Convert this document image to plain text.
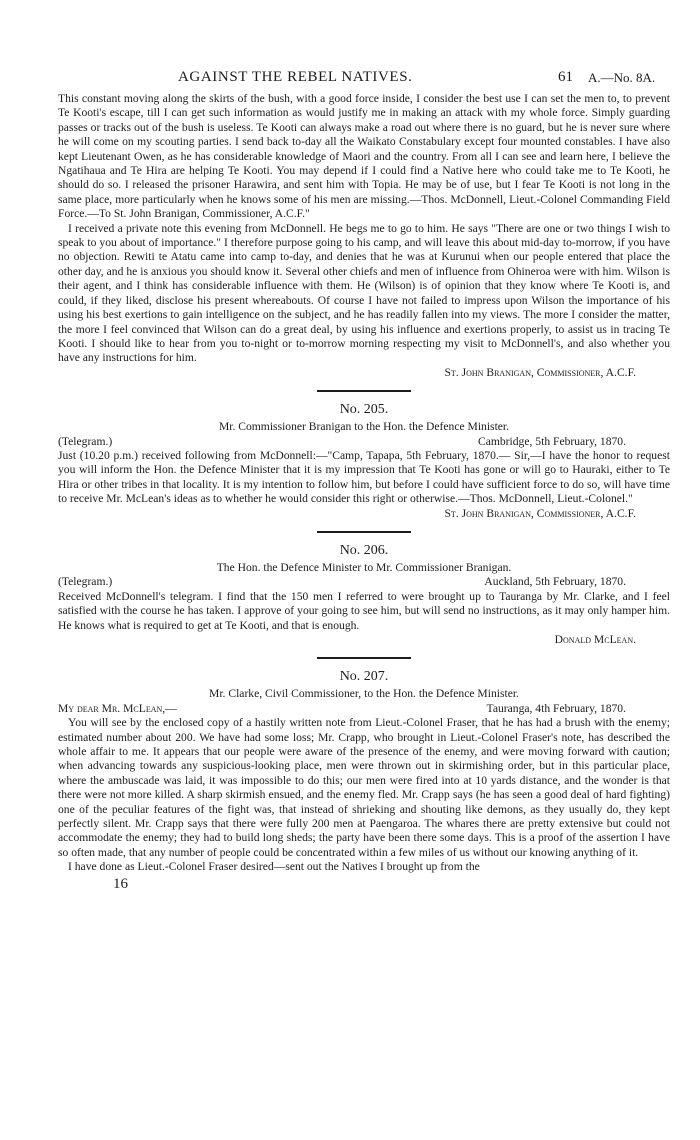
AGAINST THE REBEL NATIVES.	61 A.—No. 8A.

This constant moving along the skirts of the bush, with a good force inside, I consider the best use I can set the men to, to prevent Te Kooti's escape, till I can get such information as would justify me in making an attack with my whole force. Simply guarding passes or tracks out of the bush is useless. Te Kooti can always make a road out where there is no guard, but he is never sure where he will come on my scouting parties. I send back to-day all the Waikato Constabulary except four mounted constables. I have also kept Lieutenant Owen, as he has considerable knowledge of Maori and the country. From all I can see and learn here, I believe the Ngatihaua and Te Hira are helping Te Kooti. You may depend if I could find a Native here who could take me to Te Kooti, he should do so. I released the prisoner Harawira, and sent him with Topia. He may be of use, but I fear Te Kooti is not long in the same place, more particularly when he knows some of his men are missing.—Thos. McDonnell, Lieut.-Colonel Commanding Field Force.—To St. John Branigan, Commissioner, A.C.F."

I received a private note this evening from McDonnell. He begs me to go to him. He says "There are one or two things I wish to speak to you about of importance." I therefore purpose going to his camp, and will leave this about mid-day to-morrow, if you have no objection. Rewiti te Atatu came into camp to-day, and denies that he was at Kurunui when our people entered that place the other day, and he is anxious you should know it. Several other chiefs and men of influence from Ohineroa were with him. Wilson is their agent, and I think has considerable influence with them. He (Wilson) is of opinion that they know where Te Kooti is, and could, if they liked, disclose his present whereabouts. Of course I have not failed to impress upon Wilson the importance of his using his best exertions to gain intelligence on the subject, and he has readily fallen into my views. The more I consider the matter, the more I feel convinced that Wilson can do a great deal, by using his influence and exertions properly, to assist us in tracing Te Kooti. I should like to hear from you to-night or to-morrow morning respecting my visit to McDonnell's, and also whether you have any instructions for him.

St. John Branigan, Commissioner, A.C.F.

No. 205.
Mr. Commissioner Branigan to the Hon. the Defence Minister.
(Telegram.)	Cambridge, 5th February, 1870.

Just (10.20 p.m.) received following from McDonnell:—"Camp, Tapapa, 5th February, 1870.— Sir,—I have the honor to request you will inform the Hon. the Defence Minister that it is my impression that Te Kooti has gone or will go to Hauraki, either to Te Hira or other tribes in that locality. It is my intention to follow him, but before I could have sufficient force to do so, will have time to receive Mr. McLean's ideas as to whether he would consider this right or otherwise.—Thos. McDonnell, Lieut.-Colonel."

St. John Branigan, Commissioner, A.C.F.

No. 206.
The Hon. the Defence Minister to Mr. Commissioner Branigan.
(Telegram.)	Auckland, 5th February, 1870.

Received McDonnell's telegram. I find that the 150 men I referred to were brought up to Tauranga by Mr. Clarke, and I feel satisfied with the course he has taken. I approve of your going to see him, but will send no instructions, as it may only hamper him. He knows what is required to get at Te Kooti, and that is enough.

Donald McLean.

No. 207.
Mr. Clarke, Civil Commissioner, to the Hon. the Defence Minister.
My dear Mr. McLean,—	Tauranga, 4th February, 1870.

You will see by the enclosed copy of a hastily written note from Lieut.-Colonel Fraser, that he has had a brush with the enemy; estimated number about 200. We have had some loss; Mr. Crapp, who brought in Lieut.-Colonel Fraser's note, has described the whole affair to me. It appears that our people were aware of the presence of the enemy, and were moving forward with caution; when advancing towards any suspicious-looking place, men were thrown out in skirmishing order, but in this particular place, where the ambuscade was laid, it was impossible to do this; our men were fired into at 10 yards distance, and the wonder is that there were not more killed. A sharp skirmish ensued, and the enemy fled. Mr. Crapp says (he has seen a good deal of hard fighting) one of the peculiar features of the fight was, that instead of shrieking and shouting like demons, as they usually do, they kept perfectly silent. Mr. Crapp says that there were fully 200 men at Paengaroa. The whares there are pretty extensive but could not accommodate the enemy; they had to build long sheds; the party have been there some days. This is a proof of the assertion I have so often made, that any number of people could be concentrated within a few miles of us without our knowing anything of it.

I have done as Lieut.-Colonel Fraser desired—sent out the Natives I brought up from the

16
